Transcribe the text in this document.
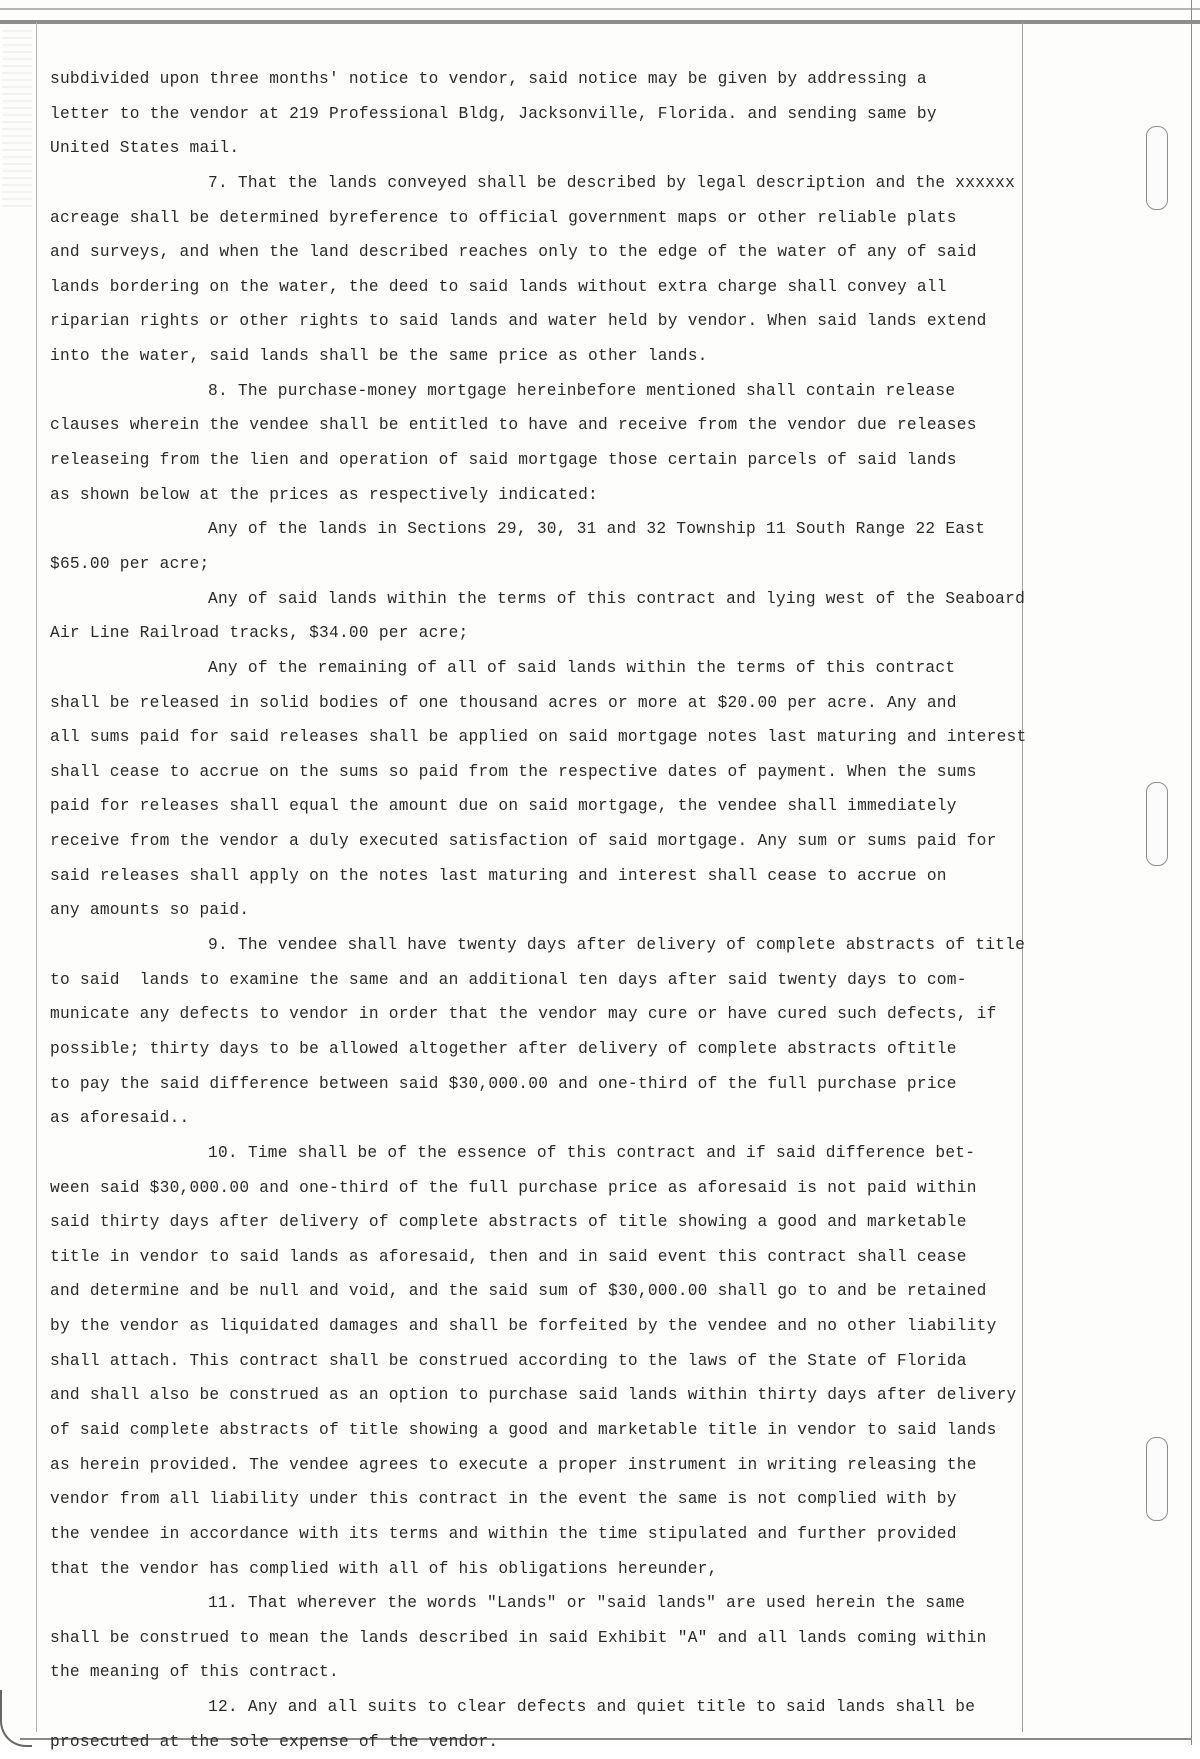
subdivided upon three months' notice to vendor, said notice may be given by addressing a
letter to the vendor at 219 Professional Bldg, Jacksonville, Florida. and sending same by
United States mail.
7. That the lands conveyed shall be described by legal description and the xxxxxx
acreage shall be determined byreference to official government maps or other reliable plats
and surveys, and when the land described reaches only to the edge of the water of any of said
lands bordering on the water, the deed to said lands without extra charge shall convey all
riparian rights or other rights to said lands and water held by vendor. When said lands extend
into the water, said lands shall be the same price as other lands.
8. The purchase-money mortgage hereinbefore mentioned shall contain release
clauses wherein the vendee shall be entitled to have and receive from the vendor due releases
releaseing from the lien and operation of said mortgage those certain parcels of said lands
as shown below at the prices as respectively indicated:
Any of the lands in Sections 29, 30, 31 and 32 Township 11 South Range 22 East
$65.00 per acre;
Any of said lands within the terms of this contract and lying west of the Seaboard
Air Line Railroad tracks, $34.00 per acre;
Any of the remaining of all of said lands within the terms of this contract
shall be released in solid bodies of one thousand acres or more at $20.00 per acre. Any and
all sums paid for said releases shall be applied on said mortgage notes last maturing and interest
shall cease to accrue on the sums so paid from the respective dates of payment. When the sums
paid for releases shall equal the amount due on said mortgage, the vendee shall immediately
receive from the vendor a duly executed satisfaction of said mortgage. Any sum or sums paid for
said releases shall apply on the notes last maturing and interest shall cease to accrue on
any amounts so paid.
9. The vendee shall have twenty days after delivery of complete abstracts of title
to said  lands to examine the same and an additional ten days after said twenty days to com-
municate any defects to vendor in order that the vendor may cure or have cured such defects, if
possible; thirty days to be allowed altogether after delivery of complete abstracts oftitle
to pay the said difference between said $30,000.00 and one-third of the full purchase price
as aforesaid..
10. Time shall be of the essence of this contract and if said difference bet-
ween said $30,000.00 and one-third of the full purchase price as aforesaid is not paid within
said thirty days after delivery of complete abstracts of title showing a good and marketable
title in vendor to said lands as aforesaid, then and in said event this contract shall cease
and determine and be null and void, and the said sum of $30,000.00 shall go to and be retained
by the vendor as liquidated damages and shall be forfeited by the vendee and no other liability
shall attach. This contract shall be construed according to the laws of the State of Florida
and shall also be construed as an option to purchase said lands within thirty days after delivery
of said complete abstracts of title showing a good and marketable title in vendor to said lands
as herein provided. The vendee agrees to execute a proper instrument in writing releasing the
vendor from all liability under this contract in the event the same is not complied with by
the vendee in accordance with its terms and within the time stipulated and further provided
that the vendor has complied with all of his obligations hereunder,
11. That wherever the words "Lands" or "said lands" are used herein the same
shall be construed to mean the lands described in said Exhibit "A" and all lands coming within
the meaning of this contract.
12. Any and all suits to clear defects and quiet title to said lands shall be
prosecuted at the sole expense of the vendor.
